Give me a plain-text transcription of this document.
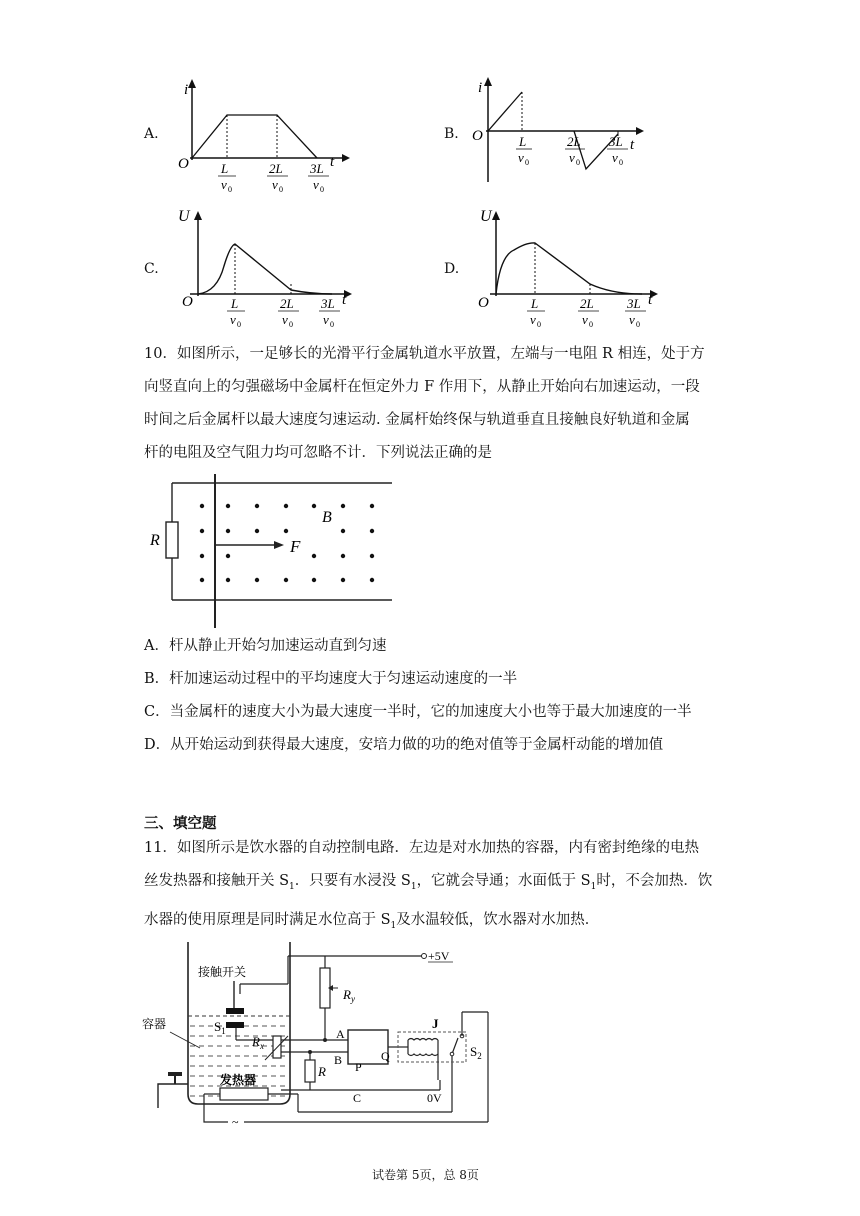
A.
i
O	t
L
v 0
2L
v 0
3L
v 0
B.
i
O
t
L
v 0
2L
v 0
3L
v 0
C.
U
O	t
L
v 0
2L
v 0
3L
v 0
D.
U
O	t
L
v 0
2L
v 0
3L
v 0
10．如图所示，一足够长的光滑平行金属轨道水平放置，左端与一电阻 R 相连，处于方
向竖直向上的匀强磁场中金属杆在恒定外力 F 作用下，从静止开始向右加速运动，一段
时间之后金属杆以最大速度匀速运动. 金属杆始终保与轨道垂直且接触良好轨道和金属
杆的电阻及空气阻力均可忽略不计．下列说法正确的是
R
B
F
A．杆从静止开始匀加速运动直到匀速
B．杆加速运动过程中的平均速度大于匀速运动速度的一半
C．当金属杆的速度大小为最大速度一半时，它的加速度大小也等于最大加速度的一半
D．从开始运动到获得最大速度，安培力做的功的绝对值等于金属杆动能的增加值
三、填空题
11．如图所示是饮水器的自动控制电路．左边是对水加热的容器，内有密封绝缘的电热
丝发热器和接触开关 $S_1$．只要有水浸没 $S_1$，它就会导通；水面低于 $S_1$时，不会加热．饮
水器的使用原理是同时满足水位高于 $S_1$及水温较低，饮水器对水加热．
接触开关
$S_1$
容器
$R_x$
发热器
~
+5V
$R_y$
A
R
B
C	0V
P
Q
J
$S_2$
试卷第 5页，总 8页
